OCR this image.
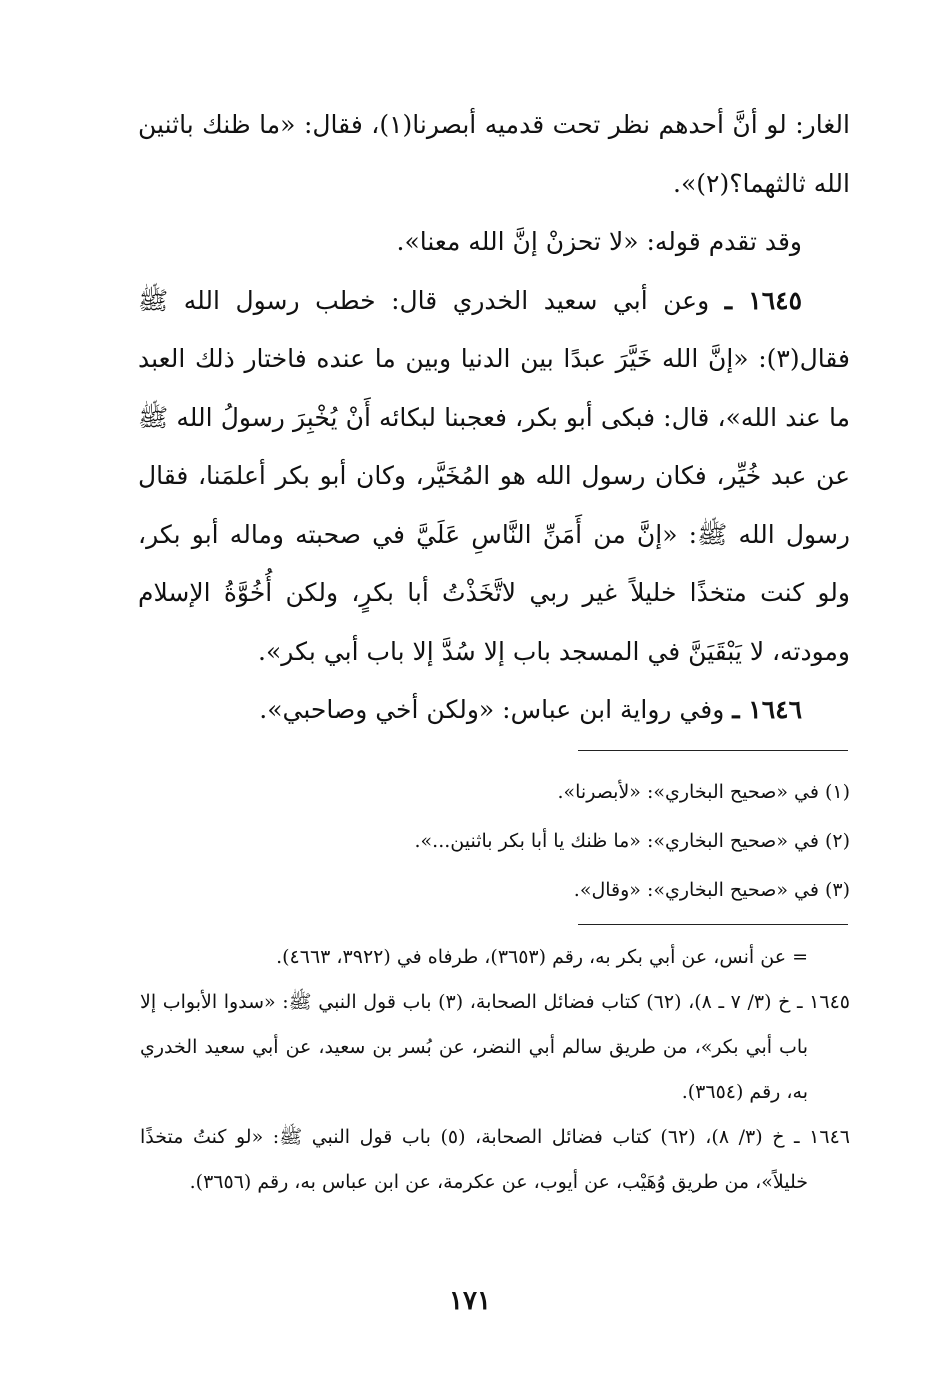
الغار: لو أنَّ أحدهم نظر تحت قدميه أبصرنا(١)، فقال: «ما ظنك باثنين الله ثالثهما؟(٢)».

وقد تقدم قوله: «لا تحزنْ إنَّ الله معنا».

١٦٤٥ ـ وعن أبي سعيد الخدري قال: خطب رسول الله ﷺ فقال(٣): «إنَّ الله خَيَّرَ عبدًا بين الدنيا وبين ما عنده فاختار ذلك العبد ما عند الله»، قال: فبكى أبو بكر، فعجبنا لبكائه أَنْ يُخْبِرَ رسولُ الله ﷺ عن عبد خُيِّر، فكان رسول الله هو المُخَيَّر، وكان أبو بكر أعلمَنا، فقال رسول الله ﷺ: «إنَّ من أَمَنِّ النَّاسِ عَلَيَّ في صحبته وماله أبو بكر، ولو كنت متخذًا خليلاً غير ربي لاتَّخَذْتُ أبا بكرٍ، ولكن أُخُوَّةُ الإسلام ومودته، لا يَبْقَيَنَّ في المسجد باب إلا سُدَّ إلا باب أبي بكر».

١٦٤٦ ـ وفي رواية ابن عباس: «ولكن أخي وصاحبي».

(١) في «صحيح البخاري»: «لأبصرنا».

(٢) في «صحيح البخاري»: «ما ظنك يا أبا بكر باثنين...».

(٣) في «صحيح البخاري»: «وقال».

= عن أنس، عن أبي بكر به، رقم (٣٦٥٣)، طرفاه في (٣٩٢٢، ٤٦٦٣).

١٦٤٥ ـ خ (٣/ ٧ ـ ٨)، (٦٢) كتاب فضائل الصحابة، (٣) باب قول النبي ﷺ: «سدوا الأبواب إلا باب أبي بكر»، من طريق سالم أبي النضر، عن بُسر بن سعيد، عن أبي سعيد الخدري به، رقم (٣٦٥٤).

١٦٤٦ ـ خ (٣/ ٨)، (٦٢) كتاب فضائل الصحابة، (٥) باب قول النبي ﷺ: «لو كنتُ متخذًا خليلاً»، من طريق وُهَيْب، عن أيوب، عن عكرمة، عن ابن عباس به، رقم (٣٦٥٦).

١٧١
